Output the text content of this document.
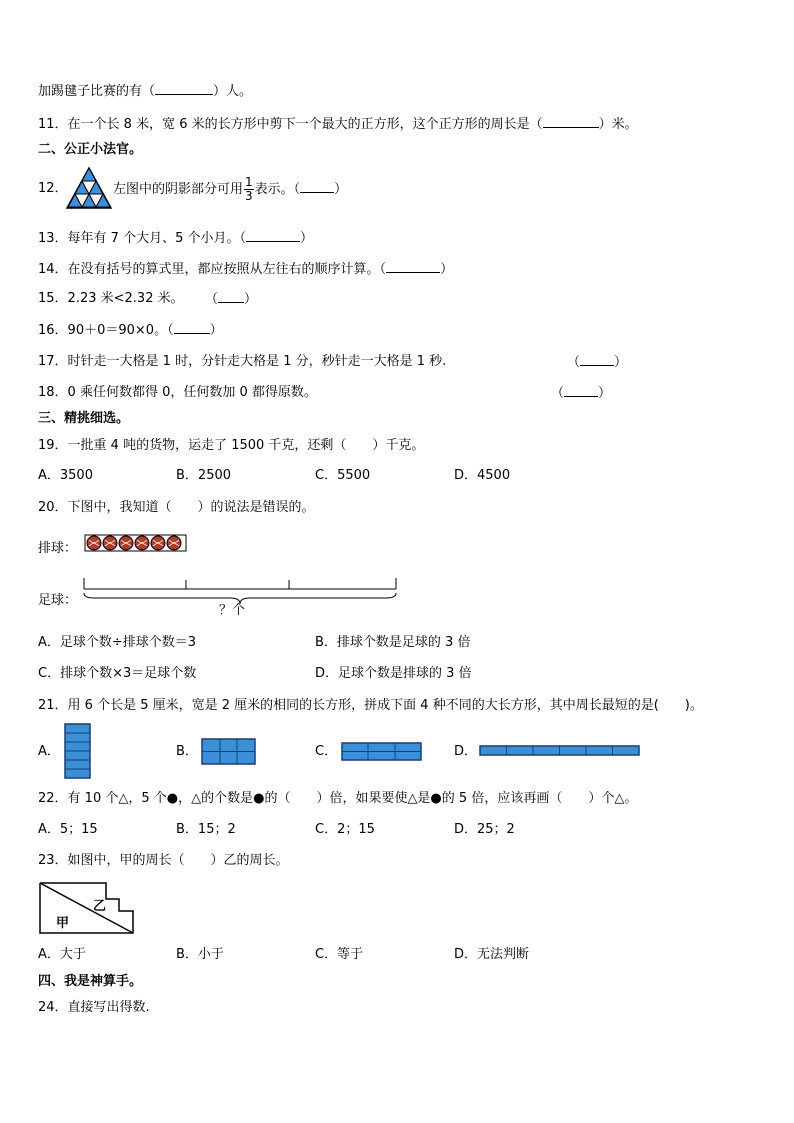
加踢毽子比赛的有（	）人。
11．在一个长 8 米，宽 6 米的长方形中剪下一个最大的正方形，这个正方形的周长是（	）米。
二、公正小法官。
12．	左图中的阴影部分可用 $\frac{1}{3}$ 表示。（	）
13．每年有 7 个大月、5 个小月。（	）
14．在没有括号的算式里，都应按照从左往右的顺序计算。（	）
15．2.23 米<2.32 米。 （ ）
16．90＋0＝90×0。（	）
17．时针走一大格是 1 时，分针走大格是 1 分，秒针走一大格是 1 秒.	（	）
18．0 乘任何数都得 0，任何数加 0 都得原数。	（	）
三、精挑细选。
19．一批重 4 吨的货物，运走了 1500 千克，还剩（　　）千克。
A．3500	B．2500	C．5500	D．4500
20．下图中，我知道（　　）的说法是错误的。
排球：
足球：
？个
A．足球个数÷排球个数＝3	B．排球个数是足球的 3 倍
C．排球个数×3＝足球个数	D．足球个数是排球的 3 倍
21．用 6 个长是 5 厘米，宽是 2 厘米的相同的长方形，拼成下面 4 种不同的大长方形，其中周长最短的是(　　)。
A．	B．	C．	D．
22．有 10 个△，5 个●，△的个数是●的（　　）倍，如果要使△是●的 5 倍，应该再画（　　）个△。
A．5；15	B．15；2	C．2；15	D．25；2
23．如图中，甲的周长（　　）乙的周长。
甲
乙
A．大于	B．小于	C．等于	D．无法判断
四、我是神算手。
24．直接写出得数.
